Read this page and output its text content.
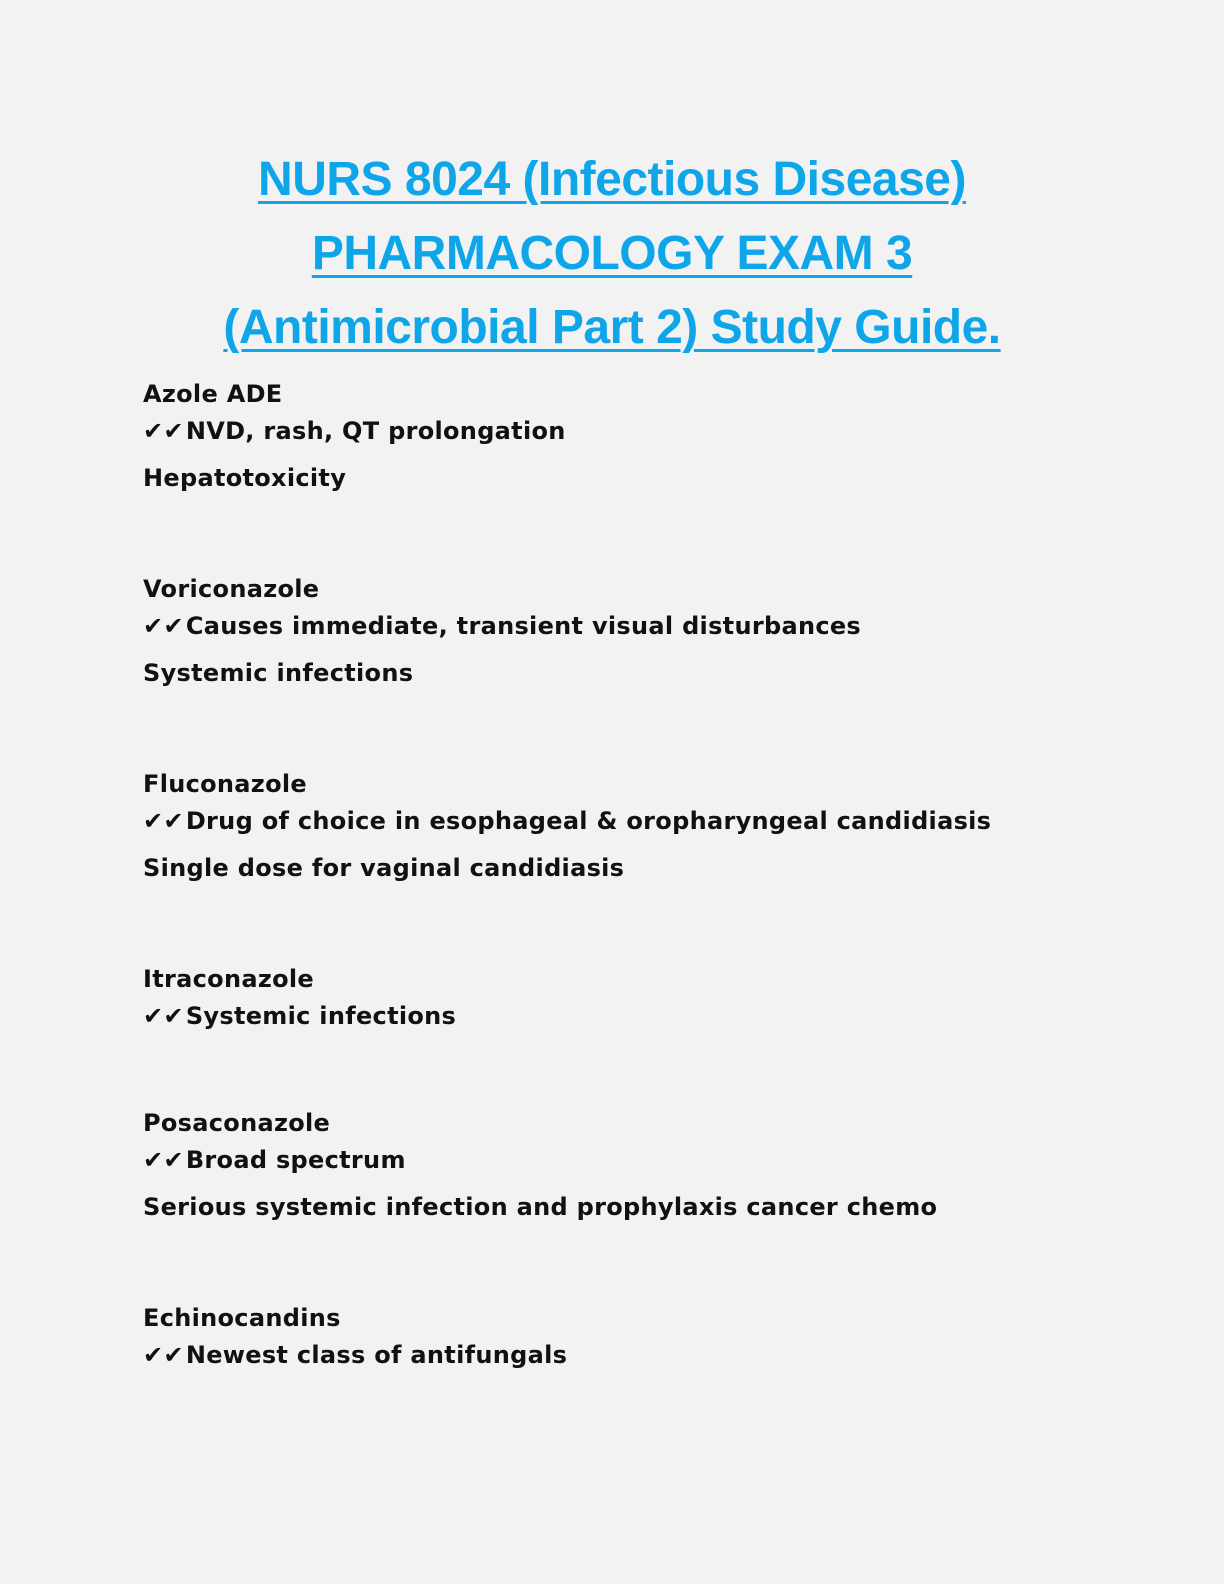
NURS 8024 (Infectious Disease)
PHARMACOLOGY EXAM 3
(Antimicrobial Part 2) Study Guide.
Azole ADE
✔✔NVD, rash, QT prolongation
Hepatotoxicity
Voriconazole
✔✔Causes immediate, transient visual disturbances
Systemic infections
Fluconazole
✔✔Drug of choice in esophageal & oropharyngeal candidiasis
Single dose for vaginal candidiasis
Itraconazole
✔✔Systemic infections
Posaconazole
✔✔Broad spectrum
Serious systemic infection and prophylaxis cancer chemo
Echinocandins
✔✔Newest class of antifungals
